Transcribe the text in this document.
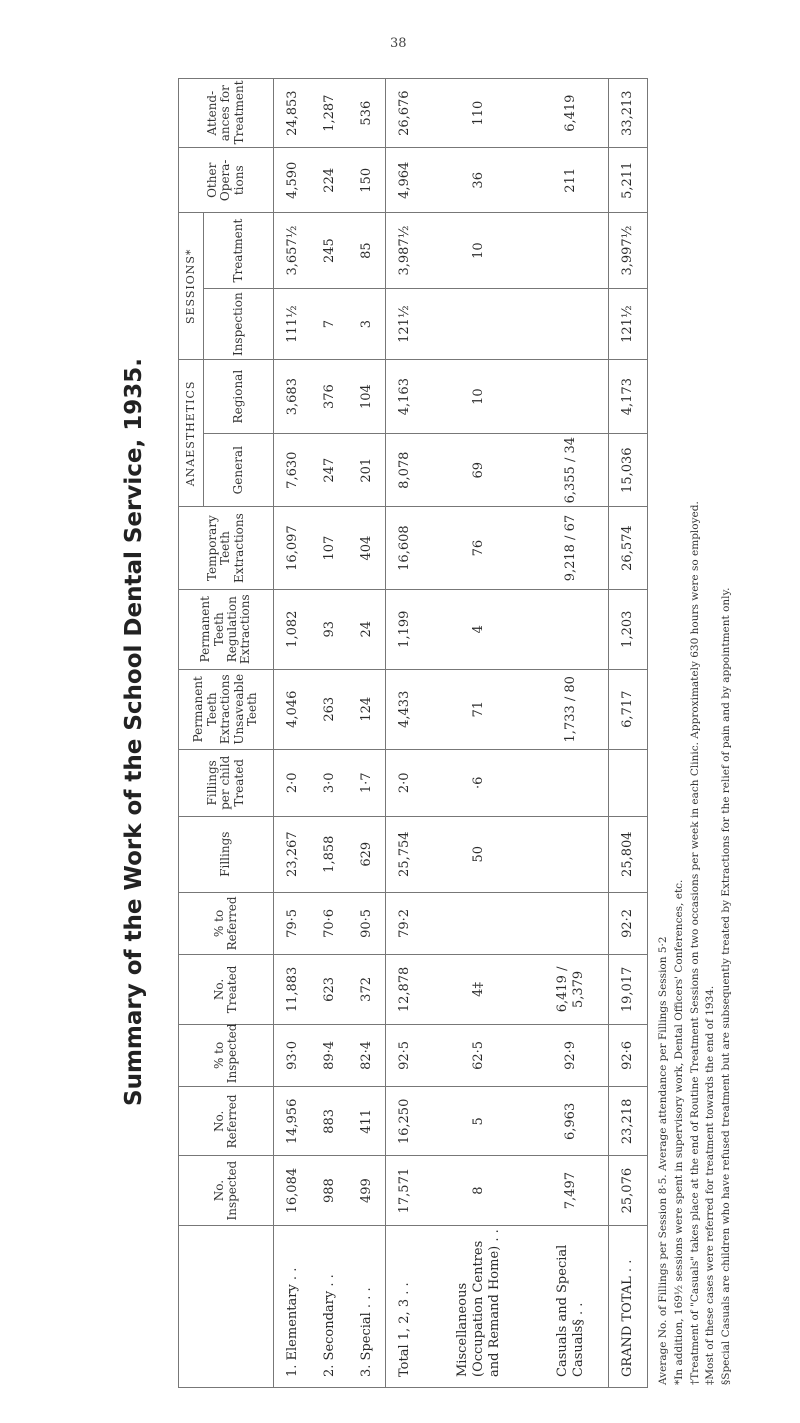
38
Summary of the Work of the School Dental Service, 1935.
	No. Inspected	No. Referred	% to Inspected	No. Treated	% to Referred	Fillings	Fillings per child Treated	Permanent Teeth Extractions Unsaveable Teeth	Permanent Teeth Regulation Extractions	Temporary Teeth Extractions	ANAESTHETICS		SESSIONS*		Other Opera-tions	Attend-ances for Treatment
											General	Regional	Inspection	Treatment		
1. Elementary . .	16,084	14,956	93·0	11,883	79·5	23,267	2·0	4,046	1,082	16,097	7,630	3,683	111½	3,657½	4,590	24,853
2. Secondary . .	988	883	89·4	623	70·6	1,858	3·0	263	93	107	247	376	7	245	224	1,287
3. Special . . .	499	411	82·4	372	90·5	629	1·7	124	24	404	201	104	3	85	150	536
Total 1, 2, 3 . .	17,571	16,250	92·5	12,878	79·2	25,754	2·0	4,433	1,199	16,608	8,078	4,163	121½	3,987½	4,964	26,676
Miscellaneous (Occupation Centres and Remand Home) . .	8	5	62·5	4‡		50	·6	71	4	76	69	10		10	36	110
Casuals and Special Casuals§ . .	7,497	6,963	92·9	6,419 / 5,379				1,733 / 80		9,218 / 67	6,355 / 34				211	6,419
GRAND TOTAL . .	25,076	23,218	92·6	19,017	92·2	25,804		6,717	1,203	26,574	15,036	4,173	121½	3,997½	5,211	33,213
Average No. of Fillings per Session 8·5. Average attendance per Fillings Session 5·2 *In addition, 169½ sessions were spent in supervisory work, Dental Officers' Conferences, etc. †Treatment of "Casuals" takes place at the end of Routine Treatment Sessions on two occasions per week in each Clinic. Approximately 630 hours were so employed. ‡Most of these cases were referred for treatment towards the end of 1934. §Special Casuals are children who have refused treatment but are subsequently treated by Extractions for the relief of pain and by appointment only.
